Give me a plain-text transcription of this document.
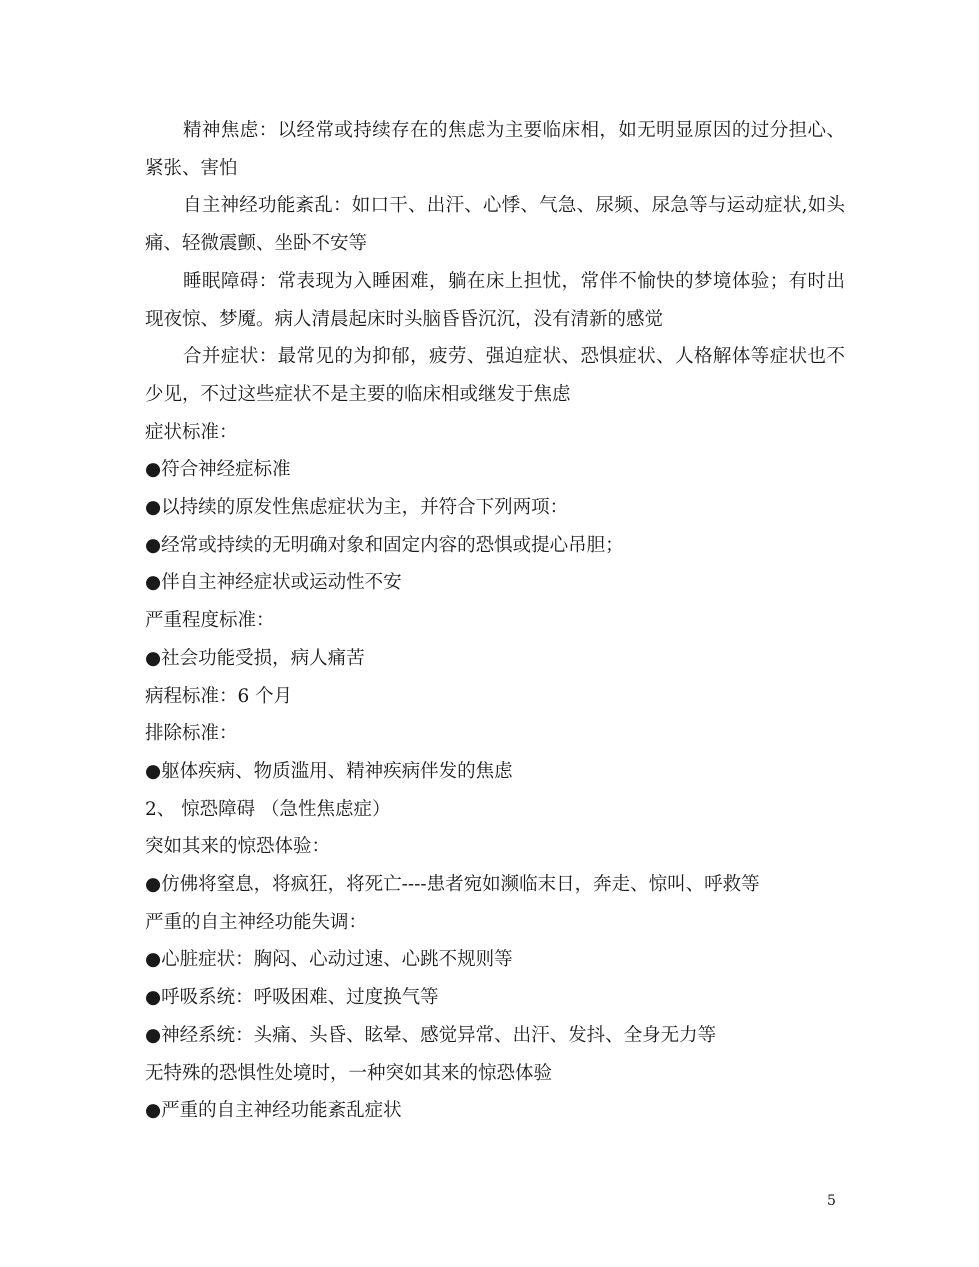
精神焦虑：以经常或持续存在的焦虑为主要临床相，如无明显原因的过分担心、紧张、害怕

自主神经功能紊乱：如口干、出汗、心悸、气急、尿频、尿急等与运动症状,如头痛、轻微震颤、坐卧不安等

睡眠障碍：常表现为入睡困难，躺在床上担忧，常伴不愉快的梦境体验；有时出现夜惊、梦魇。病人清晨起床时头脑昏昏沉沉，没有清新的感觉

合并症状：最常见的为抑郁，疲劳、强迫症状、恐惧症状、人格解体等症状也不少见，不过这些症状不是主要的临床相或继发于焦虑

症状标准：

●符合神经症标准

●以持续的原发性焦虑症状为主，并符合下列两项：

●经常或持续的无明确对象和固定内容的恐惧或提心吊胆；

●伴自主神经症状或运动性不安

严重程度标准：

●社会功能受损，病人痛苦

病程标准：6 个月

排除标准：

●躯体疾病、物质滥用、精神疾病伴发的焦虑

2、 惊恐障碍 （急性焦虑症）

突如其来的惊恐体验：

●仿佛将窒息，将疯狂，将死亡----患者宛如濒临末日，奔走、惊叫、呼救等

严重的自主神经功能失调：

●心脏症状：胸闷、心动过速、心跳不规则等

●呼吸系统：呼吸困难、过度换气等

●神经系统：头痛、头昏、眩晕、感觉异常、出汗、发抖、全身无力等

无特殊的恐惧性处境时，一种突如其来的惊恐体验

●严重的自主神经功能紊乱症状

5
